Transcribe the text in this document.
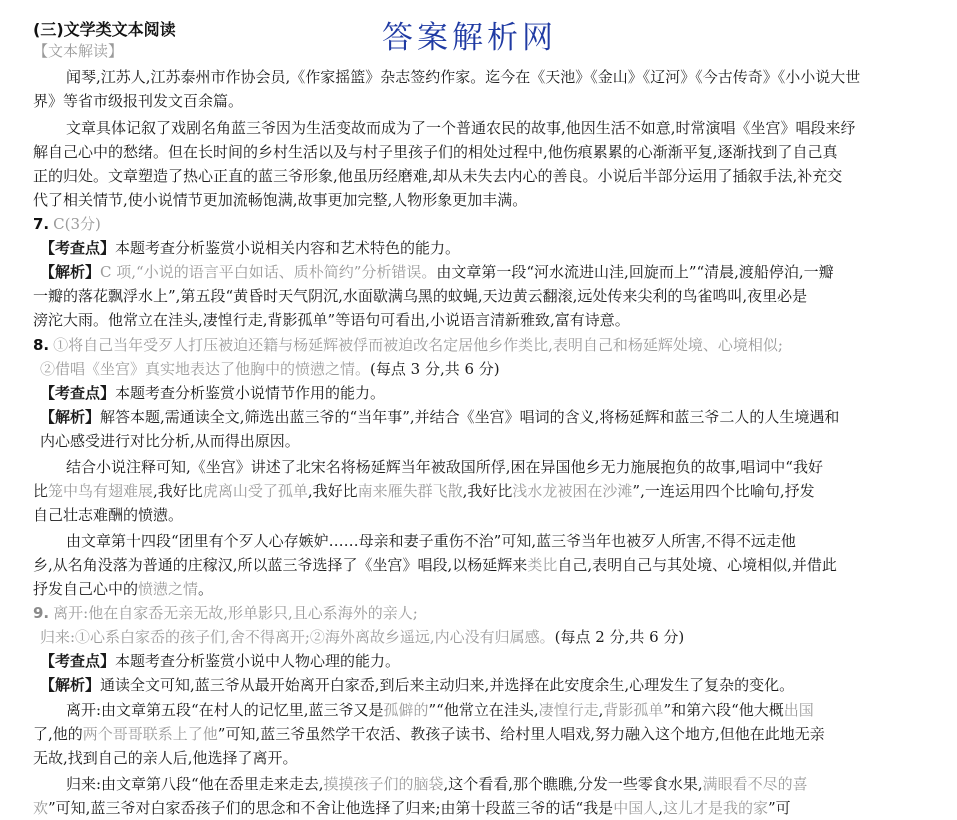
(三)文学类文本阅读	答案解析网
【文本解读】
闻琴,江苏人,江苏泰州市作协会员,《作家摇篮》杂志签约作家。迄今在《天池》《金山》《辽河》《今古传奇》《小小说大世
界》等省市级报刊发文百余篇。
文章具体记叙了戏剧名角蓝三爷因为生活变故而成为了一个普通农民的故事,他因生活不如意,时常演唱《坐宫》唱段来纾
解自己心中的愁绪。但在长时间的乡村生活以及与村子里孩子们的相处过程中,他伤痕累累的心渐渐平复,逐渐找到了自己真
正的归处。文章塑造了热心正直的蓝三爷形象,他虽历经磨难,却从未失去内心的善良。小说后半部分运用了插叙手法,补充交
代了相关情节,使小说情节更加流畅饱满,故事更加完整,人物形象更加丰满。
7. C(3分)
【考查点】本题考查分析鉴赏小说相关内容和艺术特色的能力。
【解析】C 项,“小说的语言平白如话、质朴简约”分析错误。由文章第一段“河水流进山洼,回旋而上”“清晨,渡船停泊,一瓣
一瓣的落花飘浮水上”,第五段“黄昏时天气阴沉,水面歇满乌黑的蚊蝇,天边黄云翻滚,远处传来尖利的鸟雀鸣叫,夜里必是
滂沱大雨。他常立在洼头,凄惶行走,背影孤单”等语句可看出,小说语言清新雅致,富有诗意。
8. ①将自己当年受歹人打压被迫还籍与杨延辉被俘而被迫改名定居他乡作类比,表明自己和杨延辉处境、心境相似;
②借唱《坐宫》真实地表达了他胸中的愤懑之情。(每点 3 分,共 6 分)
【考查点】本题考查分析鉴赏小说情节作用的能力。
【解析】解答本题,需通读全文,筛选出蓝三爷的“当年事”,并结合《坐宫》唱词的含义,将杨延辉和蓝三爷二人的人生境遇和
内心感受进行对比分析,从而得出原因。
结合小说注释可知,《坐宫》讲述了北宋名将杨延辉当年被敌国所俘,困在异国他乡无力施展抱负的故事,唱词中“我好
比笼中鸟有翅难展,我好比虎离山受了孤单,我好比南来雁失群飞散,我好比浅水龙被困在沙滩”,一连运用四个比喻句,抒发
自己壮志难酬的愤懑。
由文章第十四段“团里有个歹人心存嫉妒……母亲和妻子重伤不治”可知,蓝三爷当年也被歹人所害,不得不远走他
乡,从名角没落为普通的庄稼汉,所以蓝三爷选择了《坐宫》唱段,以杨延辉来类比自己,表明自己与其处境、心境相似,并借此
抒发自己心中的愤懑之情。
9. 离开:他在自家岙无亲无故,形单影只,且心系海外的亲人;
归来:①心系白家岙的孩子们,舍不得离开;②海外离故乡遥远,内心没有归属感。(每点 2 分,共 6 分)
【考查点】本题考查分析鉴赏小说中人物心理的能力。
【解析】通读全文可知,蓝三爷从最开始离开白家岙,到后来主动归来,并选择在此安度余生,心理发生了复杂的变化。
离开:由文章第五段“在村人的记忆里,蓝三爷又是孤僻的”“他常立在洼头,凄惶行走,背影孤单”和第六段“他大概出国
了,他的两个哥哥联系上了他”可知,蓝三爷虽然学干农活、教孩子读书、给村里人唱戏,努力融入这个地方,但他在此地无亲
无故,找到自己的亲人后,他选择了离开。
归来:由文章第八段“他在岙里走来走去,摸摸孩子们的脑袋,这个看看,那个瞧瞧,分发一些零食水果,满眼看不尽的喜
欢”可知,蓝三爷对白家岙孩子们的思念和不舍让他选择了归来;由第十段蓝三爷的话“我是中国人,这儿才是我的家”可
